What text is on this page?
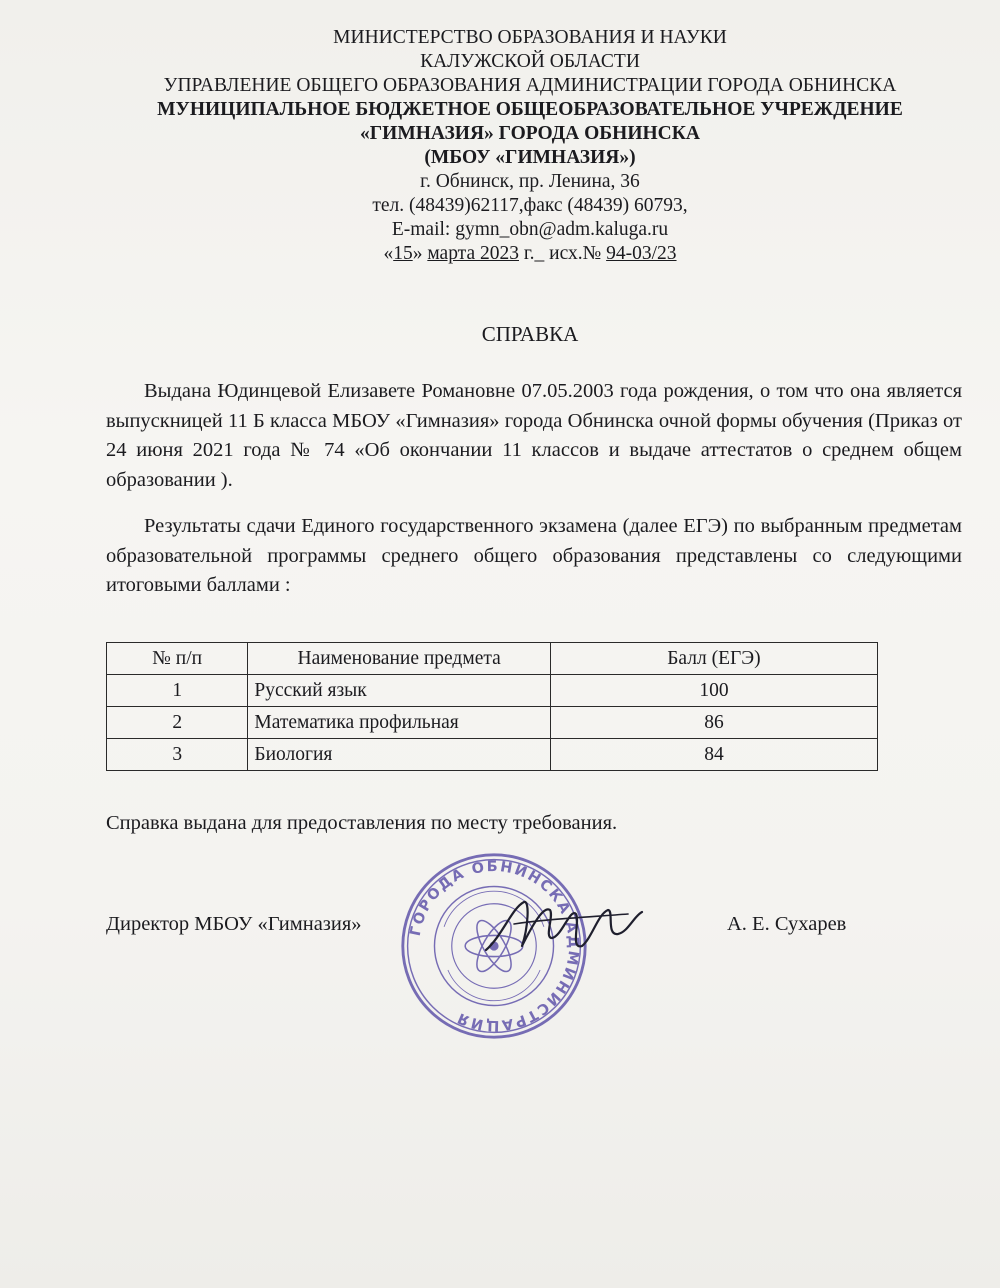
МИНИСТЕРСТВО ОБРАЗОВАНИЯ И НАУКИ
КАЛУЖСКОЙ ОБЛАСТИ
УПРАВЛЕНИЕ ОБЩЕГО ОБРАЗОВАНИЯ АДМИНИСТРАЦИИ ГОРОДА ОБНИНСКА
МУНИЦИПАЛЬНОЕ БЮДЖЕТНОЕ ОБЩЕОБРАЗОВАТЕЛЬНОЕ УЧРЕЖДЕНИЕ
«ГИМНАЗИЯ» ГОРОДА ОБНИНСКА
(МБОУ «ГИМНАЗИЯ»)
г. Обнинск, пр. Ленина, 36
тел. (48439)62117,факс (48439) 60793,
E-mail: gymn_obn@adm.kaluga.ru
«15» марта 2023 г._ исх.№ 94-03/23
СПРАВКА
Выдана Юдинцевой Елизавете Романовне 07.05.2003 года рождения, о том что она является выпускницей 11 Б класса МБОУ «Гимназия» города Обнинска очной формы обучения (Приказ от 24 июня 2021 года № 74 «Об окончании 11 классов и выдаче аттестатов о среднем общем образовании ).
Результаты сдачи Единого государственного экзамена (далее ЕГЭ) по выбранным предметам образовательной программы среднего общего образования представлены со следующими итоговыми баллами :
№ п/п	Наименование предмета	Балл (ЕГЭ)
1	Русский язык	100
2	Математика профильная	86
3	Биология	84
Справка выдана для предоставления по месту требования.
Директор МБОУ «Гимназия»	А. Е. Сухарев
ГОРОДА ОБНИНСКА АДМИНИСТРАЦИЯ
